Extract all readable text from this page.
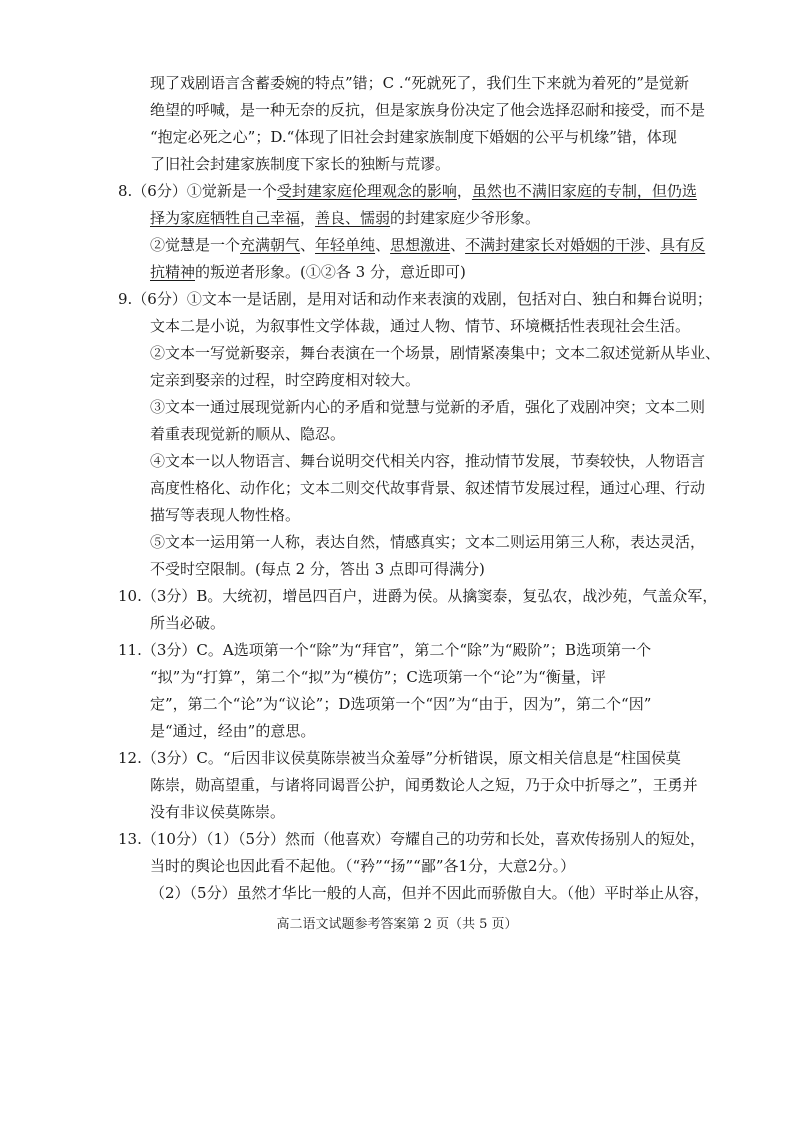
现了戏剧语言含蓄委婉的特点”错；C .“死就死了，我们生下来就为着死的”是觉新
绝望的呼喊，是一种无奈的反抗，但是家族身份决定了他会选择忍耐和接受，而不是
“抱定必死之心”；D.“体现了旧社会封建家族制度下婚姻的公平与机缘”错，体现
了旧社会封建家族制度下家长的独断与荒谬。
8.（6分）①觉新是一个受封建家庭伦理观念的影响，虽然也不满旧家庭的专制，但仍选
择为家庭牺牲自己幸福，善良、懦弱的封建家庭少爷形象。
②觉慧是一个充满朝气、年轻单纯、思想激进、不满封建家长对婚姻的干涉、具有反
抗精神的叛逆者形象。(①②各 3 分，意近即可)
9.（6分）①文本一是话剧，是用对话和动作来表演的戏剧，包括对白、独白和舞台说明；
文本二是小说，为叙事性文学体裁，通过人物、情节、环境概括性表现社会生活。
②文本一写觉新娶亲，舞台表演在一个场景，剧情紧凑集中；文本二叙述觉新从毕业、
定亲到娶亲的过程，时空跨度相对较大。
③文本一通过展现觉新内心的矛盾和觉慧与觉新的矛盾，强化了戏剧冲突；文本二则
着重表现觉新的顺从、隐忍。
④文本一以人物语言、舞台说明交代相关内容，推动情节发展，节奏较快，人物语言
高度性格化、动作化；文本二则交代故事背景、叙述情节发展过程，通过心理、行动
描写等表现人物性格。
⑤文本一运用第一人称，表达自然，情感真实；文本二则运用第三人称，表达灵活，
不受时空限制。(每点 2 分，答出 3 点即可得满分)
10.（3分）B。大统初，增邑四百户，进爵为侯。从擒窦泰，复弘农，战沙苑，气盖众军，
所当必破。
11.（3分）C。A选项第一个“除”为“拜官”，第二个“除”为“殿阶”；B选项第一个
“拟”为“打算”，第二个“拟”为“模仿”；C选项第一个“论”为“衡量，评
定”，第二个“论”为“议论”；D选项第一个“因”为“由于，因为”，第二个“因”
是“通过，经由”的意思。
12.（3分）C。“后因非议侯莫陈崇被当众羞辱”分析错误，原文相关信息是“柱国侯莫
陈崇，勋高望重，与诸将同谒晋公护，闻勇数论人之短，乃于众中折辱之”，王勇并
没有非议侯莫陈崇。
13.（10分）（1）（5分）然而（他喜欢）夸耀自己的功劳和长处，喜欢传扬别人的短处，
当时的舆论也因此看不起他。（“矜”“扬”“鄙”各1分，大意2分。）
（2）（5分）虽然才华比一般的人高，但并不因此而骄傲自大。（他）平时举止从容，
高二语文试题参考答案第 2 页（共 5 页）
